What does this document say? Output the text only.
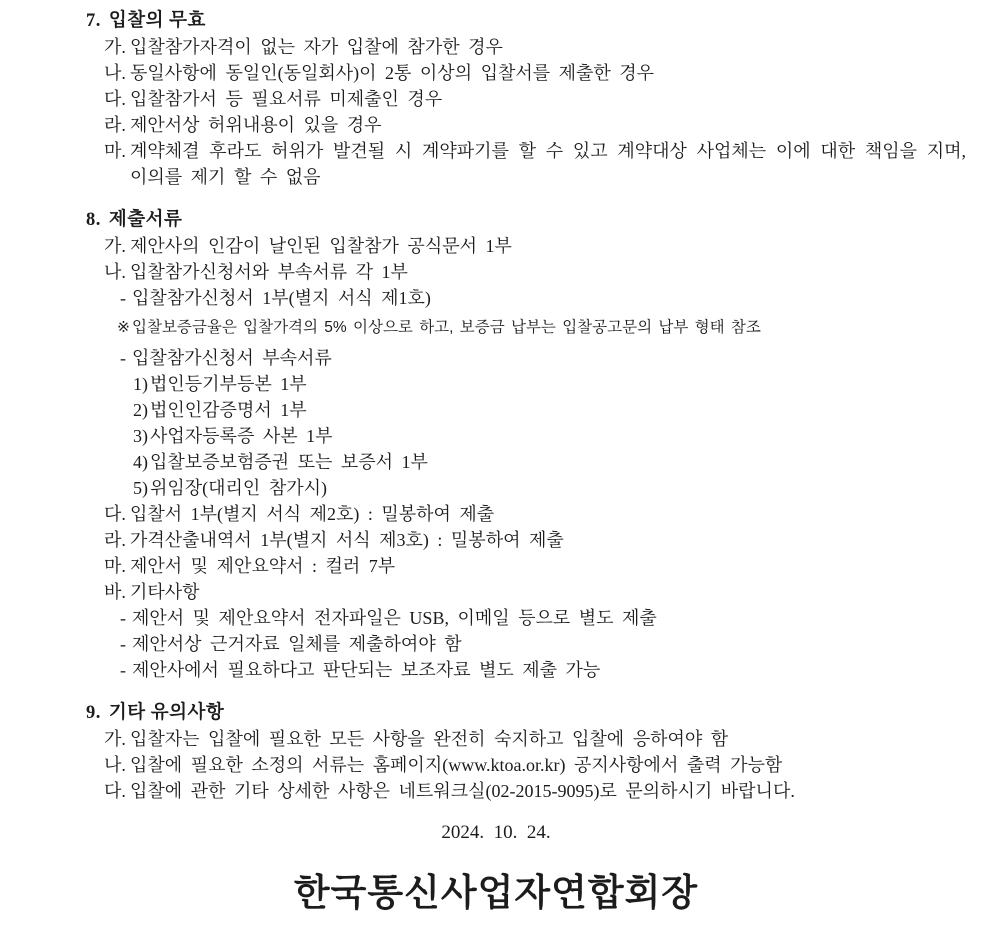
7. 입찰의 무효
가. 입찰참가자격이 없는 자가 입찰에 참가한 경우
나. 동일사항에 동일인(동일회사)이 2통 이상의 입찰서를 제출한 경우
다. 입찰참가서 등 필요서류 미제출인 경우
라. 제안서상 허위내용이 있을 경우
마. 계약체결 후라도 허위가 발견될 시 계약파기를 할 수 있고 계약대상 사업체는 이에 대한 책임을 지며, 이의를 제기 할 수 없음
8. 제출서류
가. 제안사의 인감이 날인된 입찰참가 공식문서 1부
나. 입찰참가신청서와 부속서류 각 1부
- 입찰참가신청서 1부(별지 서식 제1호)
※ 입찰보증금율은 입찰가격의 5% 이상으로 하고, 보증금 납부는 입찰공고문의 납부 형태 참조
- 입찰참가신청서 부속서류
1) 법인등기부등본 1부
2) 법인인감증명서 1부
3) 사업자등록증 사본 1부
4) 입찰보증보험증권 또는 보증서 1부
5) 위임장(대리인 참가시)
다. 입찰서 1부(별지 서식 제2호) : 밀봉하여 제출
라. 가격산출내역서 1부(별지 서식 제3호) : 밀봉하여 제출
마. 제안서 및 제안요약서 : 컬러 7부
바. 기타사항
- 제안서 및 제안요약서 전자파일은 USB, 이메일 등으로 별도 제출
- 제안서상 근거자료 일체를 제출하여야 함
- 제안사에서 필요하다고 판단되는 보조자료 별도 제출 가능
9. 기타 유의사항
가. 입찰자는 입찰에 필요한 모든 사항을 완전히 숙지하고 입찰에 응하여야 함
나. 입찰에 필요한 소정의 서류는 홈페이지(www.ktoa.or.kr) 공지사항에서 출력 가능함
다. 입찰에 관한 기타 상세한 사항은 네트워크실(02-2015-9095)로 문의하시기 바랍니다.
2024.  10.  24.
한국통신사업자연합회장
